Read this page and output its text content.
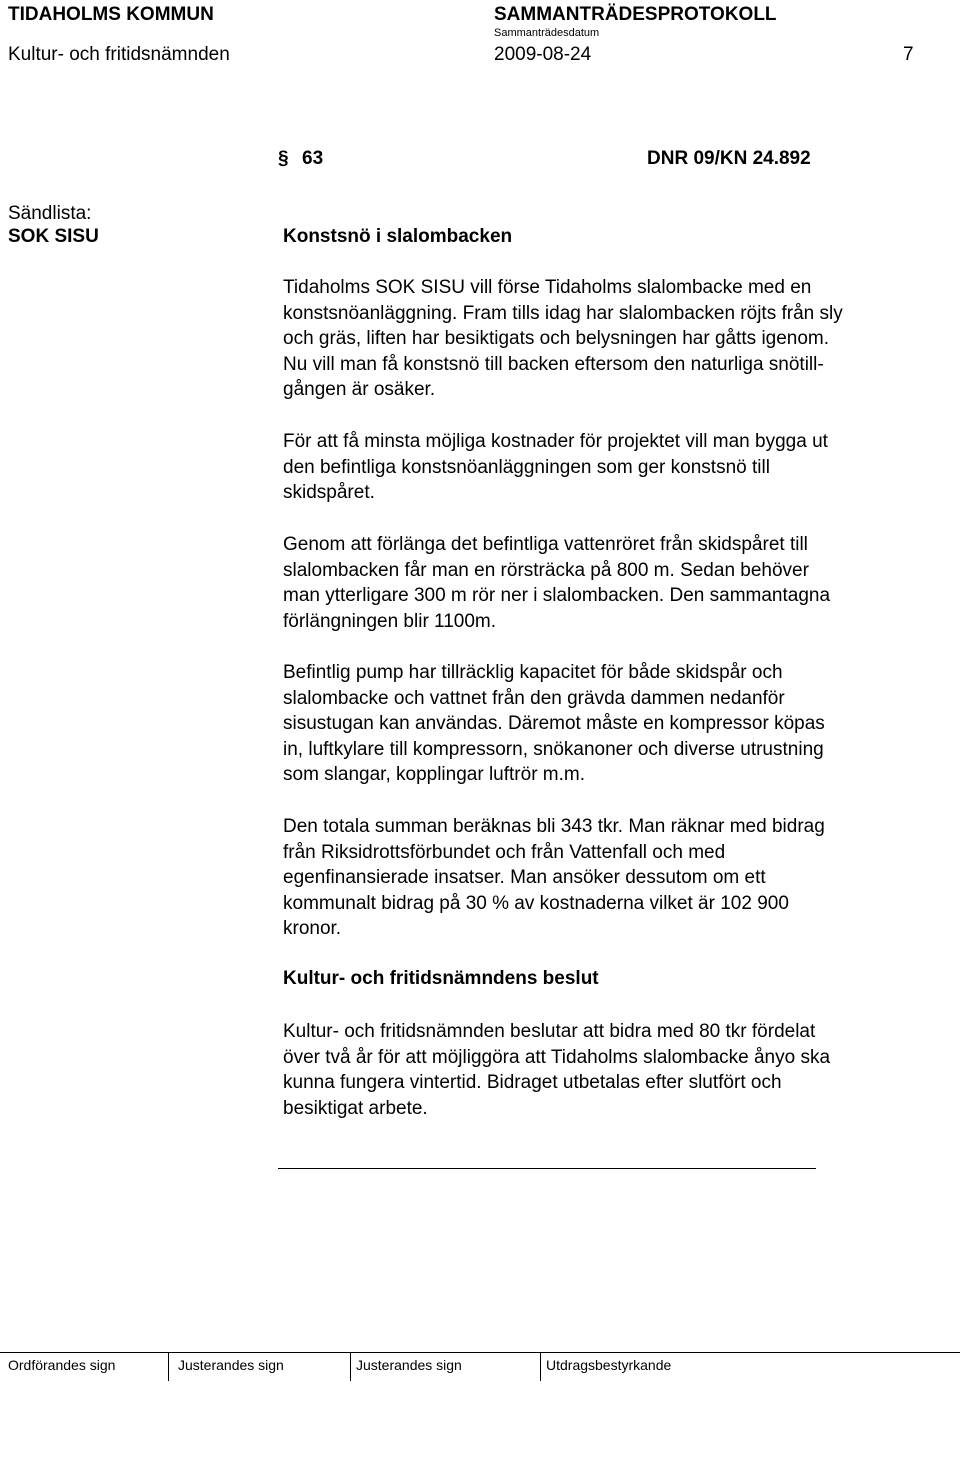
TIDAHOLMS KOMMUN	SAMMANTRÄDESPROTOKOLL
Sammanträdesdatum
Kultur- och fritidsnämnden	2009-08-24	7
§ 63	DNR 09/KN 24.892
Sändlista:
SOK SISU	Konstsnö i slalombacken
Tidaholms SOK SISU vill förse Tidaholms slalombacke med en
konstsnöanläggning. Fram tills idag har slalombacken röjts från sly
och gräs, liften har besiktigats och belysningen har gåtts igenom.
Nu vill man få konstsnö till backen eftersom den naturliga snötill-
gången är osäker.
För att få minsta möjliga kostnader för projektet vill man bygga ut
den befintliga konstsnöanläggningen som ger konstsnö till
skidspåret.
Genom att förlänga det befintliga vattenröret från skidspåret till
slalombacken får man en rörsträcka på 800 m. Sedan behöver
man ytterligare 300 m rör ner i slalombacken. Den sammantagna
förlängningen blir 1100m.
Befintlig pump har tillräcklig kapacitet för både skidspår och
slalombacke och vattnet från den grävda dammen nedanför
sisustugan kan användas. Däremot måste en kompressor köpas
in, luftkylare till kompressorn, snökanoner och diverse utrustning
som slangar, kopplingar luftrör m.m.
Den totala summan beräknas bli 343 tkr. Man räknar med bidrag
från Riksidrottsförbundet och från Vattenfall och med
egenfinansierade insatser. Man ansöker dessutom om ett
kommunalt bidrag på 30 % av kostnaderna vilket är 102 900
kronor.
Kultur- och fritidsnämndens beslut
Kultur- och fritidsnämnden beslutar att bidra med 80 tkr fördelat
över två år för att möjliggöra att Tidaholms slalombacke ånyo ska
kunna fungera vintertid. Bidraget utbetalas efter slutfört och
besiktigat arbete.
Ordförandes sign	Justerandes sign	Justerandes sign	Utdragsbestyrkande
